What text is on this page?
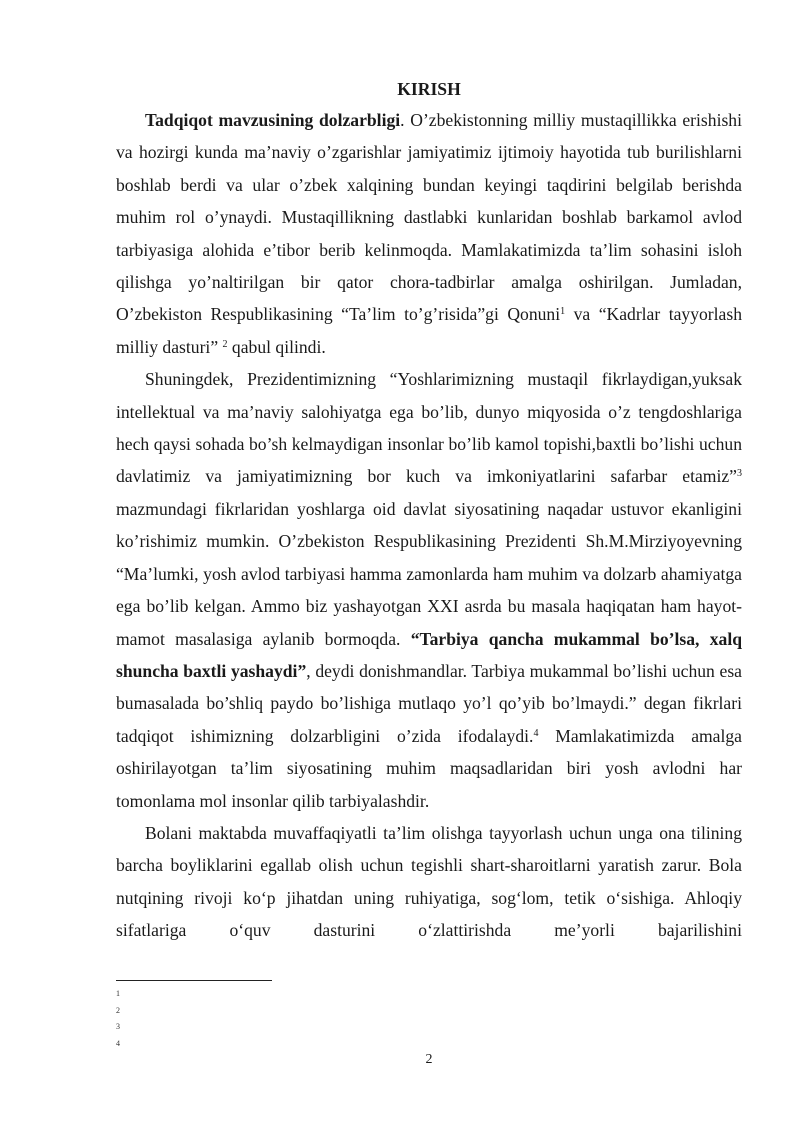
KIRISH

Tadqiqot mavzusining dolzarbligi. O’zbekistonning milliy mustaqillikka erishishi va hozirgi kunda ma’naviy o’zgarishlar jamiyatimiz ijtimoiy hayotida tub burilishlarni boshlab berdi va ular o’zbek xalqining bundan keyingi taqdirini belgilab berishda muhim rol o’ynaydi. Mustaqillikning dastlabki kunlaridan boshlab barkamol avlod tarbiyasiga alohida e’tibor berib kelinmoqda. Mamlakatimizda ta’lim sohasini isloh qilishga yo’naltirilgan bir qator chora-tadbirlar amalga oshirilgan. Jumladan, O’zbekiston Respublikasining “Ta’lim to’g’risida”gi Qonuni$^1$ va “Kadrlar tayyorlash milliy dasturi” $^2$ qabul qilindi.

Shuningdek, Prezidentimizning “Yoshlarimizning mustaqil fikrlaydigan,yuksak intellektual va ma’naviy salohiyatga ega bo’lib, dunyo miqyosida o’z tengdoshlariga hech qaysi sohada bo’sh kelmaydigan insonlar bo’lib kamol topishi,baxtli bo’lishi uchun davlatimiz va jamiyatimizning bor kuch va imkoniyatlarini safarbar etamiz”$^3$ mazmundagi fikrlaridan yoshlarga oid davlat siyosatining naqadar ustuvor ekanligini ko’rishimiz mumkin. O’zbekiston Respublikasining Prezidenti Sh.M.Mirziyoyevning “Ma’lumki, yosh avlod tarbiyasi hamma zamonlarda ham muhim va dolzarb ahamiyatga ega bo’lib kelgan. Ammo biz yashayotgan XXI asrda bu masala haqiqatan ham hayot-mamot masalasiga aylanib bormoqda. “Tarbiya qancha mukammal bo’lsa, xalq shuncha baxtli yashaydi”, deydi donishmandlar. Tarbiya mukammal bo’lishi uchun esa bumasalada bo’shliq paydo bo’lishiga mutlaqo yo’l qo’yib bo’lmaydi.” degan fikrlari tadqiqot ishimizning dolzarbligini o’zida ifodalaydi.$^4$ Mamlakatimizda amalga oshirilayotgan ta’lim siyosatining muhim maqsadlaridan biri yosh avlodni har tomonlama mol insonlar qilib tarbiyalashdir.

Bolani maktabda muvaffaqiyatli ta’lim olishga tayyorlash uchun unga ona tilining barcha boyliklarini egallab olish uchun tegishli shart-sharoitlarni yaratish zarur. Bola nutqining rivoji ko‘p jihatdan uning ruhiyatiga, sog‘lom, tetik o‘sishiga. Ahloqiy sifatlariga o‘quv dasturini o‘zlattirishda me’yorli bajarilishini

1
2
3
4
2
